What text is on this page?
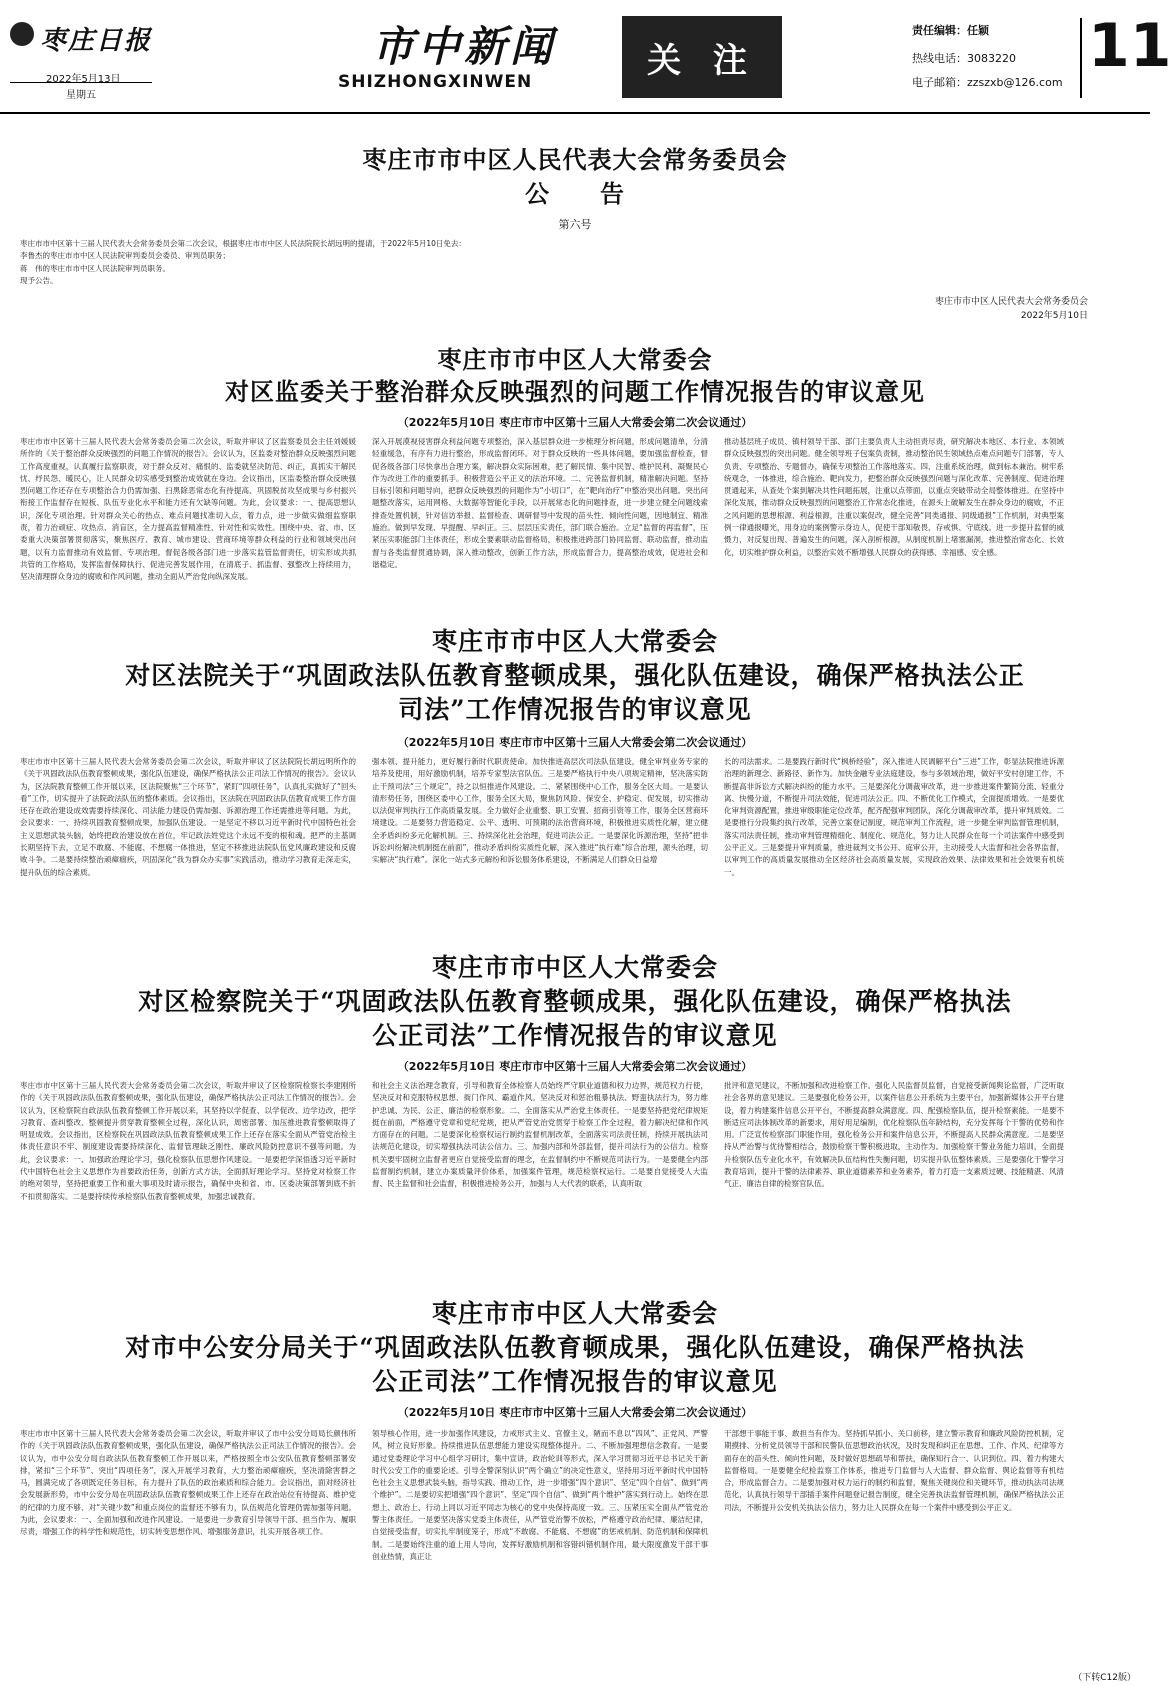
枣庄日报
2022年5月13日
星期五
市中新闻
SHIZHONGXINWEN
关 注
责任编辑：任颖
热线电话：3083220
电子邮箱：zzszxb@126.com
11
枣庄市市中区人民代表大会常务委员会
公　　告
第六号
枣庄市市中区第十三届人民代表大会常务委员会第二次会议，根据枣庄市市中区人民法院院长胡远明的提请，于2022年5月10日免去：
李鲁杰的枣庄市市中区人民法院审判委员会委员、审判员职务；
蒋　伟的枣庄市市中区人民法院审判员职务。
现予公告。
枣庄市市中区人民代表大会常务委员会
2022年5月10日
枣庄市市中区人大常委会
对区监委关于整治群众反映强烈的问题工作情况报告的审议意见
（2022年5月10日 枣庄市市中区第十三届人大常委会第二次会议通过）
枣庄市市中区第十三届人民代表大会常务委员会第二次会议，听取并审议了区监察委员会主任刘媛媛所作的《关于整治群众反映强烈的问题工作情况的报告》。会议认为，区监委对整治群众反映强烈问题工作高度重视，认真履行监察职责，对于群众反对、痛恨的、监委就坚决防范、纠正，真抓实干解民忧、纾民怨、暖民心，让人民群众切实感受到整治成效就在身边。会议指出，区监委整治群众反映强烈问题工作还存在专项整治合力仍需加强、扫黑除恶常态化有待提高、巩固脱贫攻坚成果与乡村振兴衔接工作监督存在短板、队伍专业化水平和能力还有欠缺等问题。为此，会议要求：一、提高思想认识，深化专项治理。针对群众关心的热点、难点问题找准切入点，着力点，进一步做实做细监察职责，着力治顽症、攻热点、消盲区，全力提高监督精准性、针对性和实效性。围绕中央、省、市、区委重大决策部署贯彻落实，聚焦医疗、教育、城市建设、营商环境等群众利益的行业和领域突出问题，以有力监督推动有效监督、专项治理。督促各级各部门进一步落实监管监督责任，切实形成共抓共管的工作格局，发挥监督保障执行、促进完善发展作用，在清底子、抓监督、强整改上持续用力，坚决清理群众身边的腐败和作风问题，推动全面从严治党向纵深发展。
深入开展漠视侵害群众利益问题专项整治，深入基层群众进一步梳理分析问题，形成问题清单，分清轻重缓急，有序有力进行整治，形成监督闭环。对于群众反映的一些具体问题，要加强监督检查，督促各级各部门尽快拿出合理方案，解决群众实际困难，把了解民情、集中民智、维护民利、凝聚民心作为改进工作的重要抓手。积极营造公平正义的法治环境。二、完善监督机制，精准解决问题。坚持目标引领和问题导向，把群众反映强烈的问题作为“小切口”，在“靶向治疗”中整治突出问题。突出问题整改落实，运用网格、大数据等智能化手段，以开展常态化的问题排查，进一步建立健全问题线索排查处置机制，针对信访举报、监督检查、调研督导中发现的苗头性、倾向性问题，因地制宜、精准施治。做到早发现、早提醒、早纠正。三、层层压实责任，部门联合施治。立足“监督的再监督”，压紧压实职能部门主体责任，形成全要素联动监督格局，积极推进跨部门协同监督、联动监督，推动监督与各类监督贯通协调，深入推动整改，创新工作方法，形成监督合力，提高整治成效，促进社会和谐稳定。
推动基层班子成员、镇村领导干部、部门主要负责人主动担责尽责，研究解决本地区、本行业、本领域群众反映强烈的突出问题。健全领导班子包案负责制，推动整治民生领域热点难点问题专门部署，专人负责、专项整治、专题督办，确保专项整治工作落地落实。四、注重系统治理，做到标本兼治。树牢系统观念，一体推进，综合施治、靶向发力，把整治群众反映强烈问题与深化改革、完善制度、促进治理贯通起来，从查处个案到解决共性问题拓展，注重以点带面，以重点突破带动全局整体推进。在坚持中深化发展，推动群众反映强烈的问题整治工作常态化推进，在源头上破解发生在群众身边的腐败，不正之风问题的思想根源、利益根源，注重以案促改，健全完善“同类通报、同级通报”工作机制，对典型案例一律通报曝光，用身边的案例警示身边人，促使干部知敬畏、存戒惧、守底线。进一步提升监督的威慑力，对反复出现、普遍发生的问题，深入剖析根源，从制度机制上堵塞漏洞，推进整治常态化、长效化，切实维护群众利益，以整治实效不断增强人民群众的获得感、幸福感、安全感。
枣庄市市中区人大常委会
对区法院关于“巩固政法队伍教育整顿成果，强化队伍建设，确保严格执法公正
司法”工作情况报告的审议意见
（2022年5月10日 枣庄市市中区第十三届人大常委会第二次会议通过）
枣庄市市中区第十三届人民代表大会常务委员会第二次会议，听取并审议了区法院院长胡远明所作的《关于巩固政法队伍教育整顿成果，强化队伍建设，确保严格执法公正司法工作情况的报告》。会议认为，区法院教育整顿工作开展以来，区法院聚焦“三个环节”，紧盯“四项任务”，认真扎实做好了“回头看”工作，切实提升了法院政法队伍的整体素质。会议指出，区法院在巩固政法队伍教育成果工作方面还存在政治建设成效需要持续深化、司法能力建设仍需加强、诉源治理工作还需推进等问题。为此，会议要求：一、持续巩固教育整顿成果，加强队伍建设。一是坚定不移以习近平新时代中国特色社会主义思想武装头脑，始终把政治建设放在首位，牢记政法姓党这个永远不变的根和魂。把严的主基调长期坚持下去，立足不敢腐、不能腐、不想腐一体推进，坚定不移推进法院队伍党风廉政建设和反腐败斗争。二是要持续整治顽瘴痼疾，巩固深化“我为群众办实事”实践活动，推动学习教育走深走实，提升队伍的综合素质。
强本领、提升能力，更好履行新时代职责使命。加快推进高层次司法队伍建设，健全审判业务专家的培养及使用，用好激励机制，培养专家型法官队伍。三是要严格执行中央八项规定精神，坚决落实防止干预司法“三个规定”，持之以恒推进作风建设。二、紧紧围绕中心工作，服务全区大局。一是要认清形势任务，围绕区委中心工作，服务全区大局，聚焦防风险、保安全、护稳定、促发展，切实推动以法促审判执行工作高质量发展。全力做好企业重整、职工安置、招商引资等工作，服务全区营商环境建设。二是要努力营造稳定、公平、透明、可预期的法治营商环境，积极推进实质性化解，建立健全矛盾纠纷多元化解机制。三、持续深化社会治理，促进司法公正。一是要深化诉源治理，坚持“把非诉讼纠纷解决机制挺在前面”，推动矛盾纠纷实质性化解，深入推进“执行难”综合治理，源头治理，切实解决“执行难”。深化一站式多元解纷和诉讼服务体系建设，不断满足人们群众日益增
长的司法需求。二是要践行新时代“枫桥经验”，深入推进人民调解平台“三进”工作，彰显法院推进诉源治理的新理念、新路径、新作为。加快金融专业法庭建设，参与多领域治理，做好平安村创建工作，不断提高非诉讼方式解决纠纷的能力水平。三是要深化分调裁审改革，进一步推进案件繁简分流、轻重分离、快慢分道，不断提升司法效能，促进司法公正。四、不断优化工作模式，全面提质增效。一是要优化审判资源配置，推进审级职能定位改革，配齐配强审判团队，深化分调裁审改革，提升审判质效。二是要推行分段集约执行改革，完善立案登记制度，规范审判工作流程，进一步健全审判监督管理机制，落实司法责任制，推动审判管理精细化、制度化、规范化，努力让人民群众在每一个司法案件中感受到公平正义。三是要提升审判质量，推进裁判文书公开、庭审公开，主动接受人大监督和社会各界监督，以审判工作的高质量发展推动全区经济社会高质量发展，实现政治效果、法律效果和社会效果有机统一。
枣庄市市中区人大常委会
对区检察院关于“巩固政法队伍教育整顿成果，强化队伍建设，确保严格执法
公正司法”工作情况报告的审议意见
（2022年5月10日 枣庄市市中区第十三届人大常委会第二次会议通过）
枣庄市市中区第十三届人民代表大会常务委员会第二次会议，听取并审议了区检察院检察长李建刚所作的《关于巩固政法队伍教育整顿成果，强化队伍建设，确保严格执法公正司法工作情况的报告》。会议认为，区检察院自政法队伍教育整顿工作开展以来，其坚持以学促查、以学促改、边学边改，把学习教育、查纠整改、整顿提升贯穿教育整顿全过程，深化认识，周密部署、加压推进教育整顿取得了明显成效。会议指出，区检察院在巩固政法队伍教育整顿成果工作上还存在落实全面从严管党治检主体责任意识不牢、制度建设需要持续深化、监督管理缺乏刚性、廉政风险防控意识不强等问题。为此，会议要求：一、加强政治理论学习，强化检察队伍思想作风建设。一是要把学深悟透习近平新时代中国特色社会主义思想作为首要政治任务，创新方式方法，全面抓好理论学习。坚持党对检察工作的绝对领导，坚持把重要工作和重大事项及时请示报告，确保中央和省、市、区委决策部署到底不折不扣贯彻落实。二是要持续传承检察队伍教育整顿成果，加强忠诚教育。
和社会主义法治理念教育，引导和教育全体检察人员始终严守职业道德和权力边界，规范权力行使，坚决反对和克服特权思想、衙门作风、霸道作风。坚决反对和惩治粗暴执法、野蛮执法行为，努力维护忠诚、为民、公正、廉洁的检察形象。二、全面落实从严治党主体责任。一是要坚持把党纪律规矩挺在前面，严格遵守党章和党纪党规，把从严管党治党贯穿于检察工作全过程，着力解决纪律和作风方面存在的问题。二是要深化检察权运行制约监督机制改革，全面落实司法责任制，持续开展执法司法规范化建设，切实增强执法司法公信力。三、加强内部和外部监督，提升司法行为的公信力。检察机关要牢固树立监督者更应自觉接受监督的理念，在监督制约中不断规范司法行为。一是要健全内部监督制约机制，建立办案质量评价体系，加强案件管理，规范检察权运行。二是要自觉接受人大监督、民主监督和社会监督，积极推进检务公开，加强与人大代表的联系，认真听取
批评和意见建议，不断加强和改进检察工作。强化人民监督员监督，自觉接受新闻舆论监督，广泛听取社会各界的意见建议。三是要强化检务公开，以案件信息公开系统为主要平台，加强新媒体公开平台建设，着力构建案件信息公开平台，不断提高群众满意度。四、配强检察队伍，提升检察素能。一是要不断适应司法体制改革的新要求，用好用足编制，优化检察队伍年龄结构，充分发挥每个干警的优势和作用。广泛宣传检察部门职能作用，强化检务公开和案件信息公开，不断提高人民群众满意度。二是要坚持从严治警与优待警相结合，鼓励检察干警积极进取，主动作为。加强检察干警业务能力培训，全面提升检察队伍专业化水平，有效解决队伍结构性失衡问题，切实提升队伍整体素质。三是要强化干警学习教育培训，提升干警的法律素养、职业道德素养和业务素养，着力打造一支素质过硬、技能精湛、风清气正、廉洁自律的检察官队伍。
枣庄市市中区人大常委会
对市中公安分局关于“巩固政法队伍教育顿成果，强化队伍建设，确保严格执法
公正司法”工作情况报告的审议意见
（2022年5月10日 枣庄市市中区第十三届人大常委会第二次会议通过）
枣庄市市中区第十三届人民代表大会常务委员会第二次会议，听取并审议了市中公安分局局长颜伟所作的《关于巩固政法队伍教育整顿成果，强化队伍建设，确保严格执法公正司法工作情况的报告》。会议认为，市中公安分局自政法队伍教育整顿工作开展以来，严格按照全市公安队伍教育整顿部署安排，紧扣“三个环节”、突出“四项任务”，深入开展学习教育，大力整治顽瘴痼疾，坚决清除害群之马，圆满完成了各项既定任务目标，有力提升了队伍的政治素质和综合能力。会议指出，面对经济社会发展新形势，市中公安分局在巩固政法队伍教育整顿成果工作上还存在政治站位有待提高、维护党的纪律的力度不够、对“关键少数”和重点岗位的监督还不够有力，队伍规范化管理仍需加强等问题。为此，会议要求：一、全面加强和改进作风建设。一是要进一步教育引导领导干部、担当作为、履职尽责，增强工作的科学性和规范性，切实转变思想作风、增强服务意识，扎实开展各项工作。
领导核心作用，进一步加强作风建设，力戒形式主义、官僚主义，陋而不息以“四风”、正党风、严警风，树立良好形象。持续推进队伍思想能力建设实现整体提升。二、不断加强理想信念教育。一是要通过党委理论学习中心组学习研讨，集中宣讲，政治轮训等形式，深入学习贯彻习近平总书记关于新时代公安工作的重要论述。引导全警深刻认识“两个确立”的决定性意义，坚持用习近平新时代中国特色社会主义思想武装头脑，指导实践、推动工作，进一步增强“四个意识”、坚定“四个自信”、做到“两个维护”。二是要切实把增强“四个意识”、坚定“四个自信”、做到“两个维护”落实到行动上。始终在思想上、政治上、行动上同以习近平同志为核心的党中央保持高度一致。三、压紧压实全面从严管党治警主体责任。一是要坚决落实党委主体责任，从严管党治警不放松，严格遵守政治纪律、廉洁纪律，自觉接受监督，切实扎牢制度笼子，形成“不敢腐、不能腐、不想腐”的惩戒机制、防范机制和保障机制。二是要始终注重的道上用人导向，发挥好激励机制和容错纠错机制作用，最大限度激发干部干事创业热情，真正让
干部想干事能干事、敢担当有作为。坚持抓早抓小、关口前移，建立警示教育和廉政风险防控机制，定期摸排、分析党员领导干部和民警队伍思想政治状况，及时发现和纠正在思想、工作、作风、纪律等方面存在的苗头性、倾向性问题，及时做好思想疏导和帮扶，确保知行合一、认识到位。四、着力构建大监督格局。一是要健全纪检监察工作体系，推进专门监督与人大监督、群众监督、舆论监督等有机结合，形成监督合力。二是要加强对权力运行的制约和监督，聚焦关键岗位和关键环节，推动执法司法规范化，认真执行领导干部插手案件问题登记报告制度，健全完善执法监督管理机制，确保严格执法公正司法，不断提升公安机关执法公信力，努力让人民群众在每一个案件中感受到公平正义。
（下转C12版）
